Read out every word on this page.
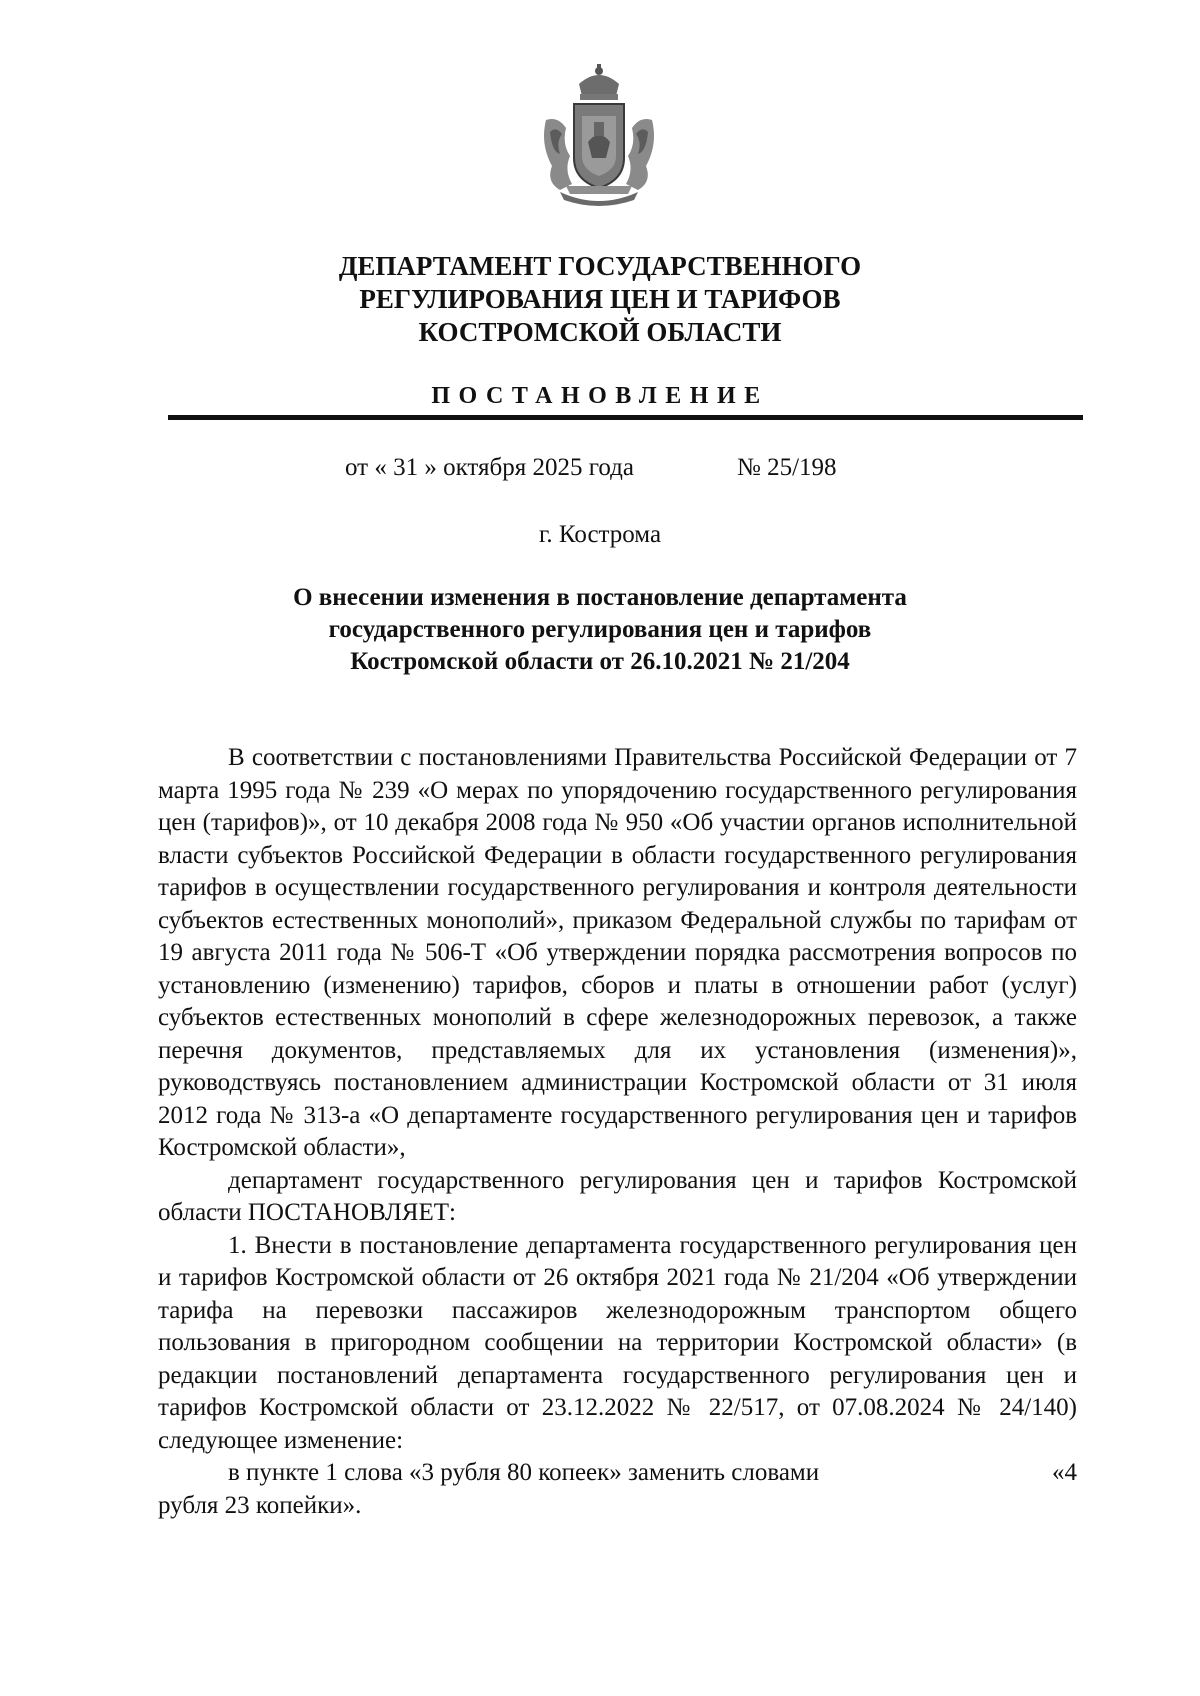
ДЕПАРТАМЕНТ ГОСУДАРСТВЕННОГО
РЕГУЛИРОВАНИЯ ЦЕН И ТАРИФОВ
КОСТРОМСКОЙ ОБЛАСТИ
ПОСТАНОВЛЕНИЕ
от « 31 » октября 2025 года	№ 25/198
г. Кострома
О внесении изменения в постановление департамента
государственного регулирования цен и тарифов
Костромской области от 26.10.2021 № 21/204

В соответствии с постановлениями Правительства Российской Федерации от 7 марта 1995 года № 239 «О мерах по упорядочению государственного регулирования цен (тарифов)», от 10 декабря 2008 года № 950 «Об участии органов исполнительной власти субъектов Российской Федерации в области государственного регулирования тарифов в осуществлении государственного регулирования и контроля деятельности субъектов естественных монополий», приказом Федеральной службы по тарифам от 19 августа 2011 года № 506-Т «Об утверждении порядка рассмотрения вопросов по установлению (изменению) тарифов, сборов и платы в отношении работ (услуг) субъектов естественных монополий в сфере железнодорожных перевозок, а также перечня документов, представляемых для их установления (изменения)», руководствуясь постановлением администрации Костромской области от 31 июля 2012 года № 313-а «О департаменте государственного регулирования цен и тарифов Костромской области»,

департамент государственного регулирования цен и тарифов Костромской области ПОСТАНОВЛЯЕТ:

1. Внести в постановление департамента государственного регулирования цен и тарифов Костромской области от 26 октября 2021 года № 21/204 «Об утверждении тарифа на перевозки пассажиров железнодорожным транспортом общего пользования в пригородном сообщении на территории Костромской области» (в редакции постановлений департамента государственного регулирования цен и тарифов Костромской области от 23.12.2022 № 22/517, от 07.08.2024 № 24/140) следующее изменение:

в пункте 1 слова «3 рубля 80 копеек» заменить словами	«4
рубля 23 копейки».
